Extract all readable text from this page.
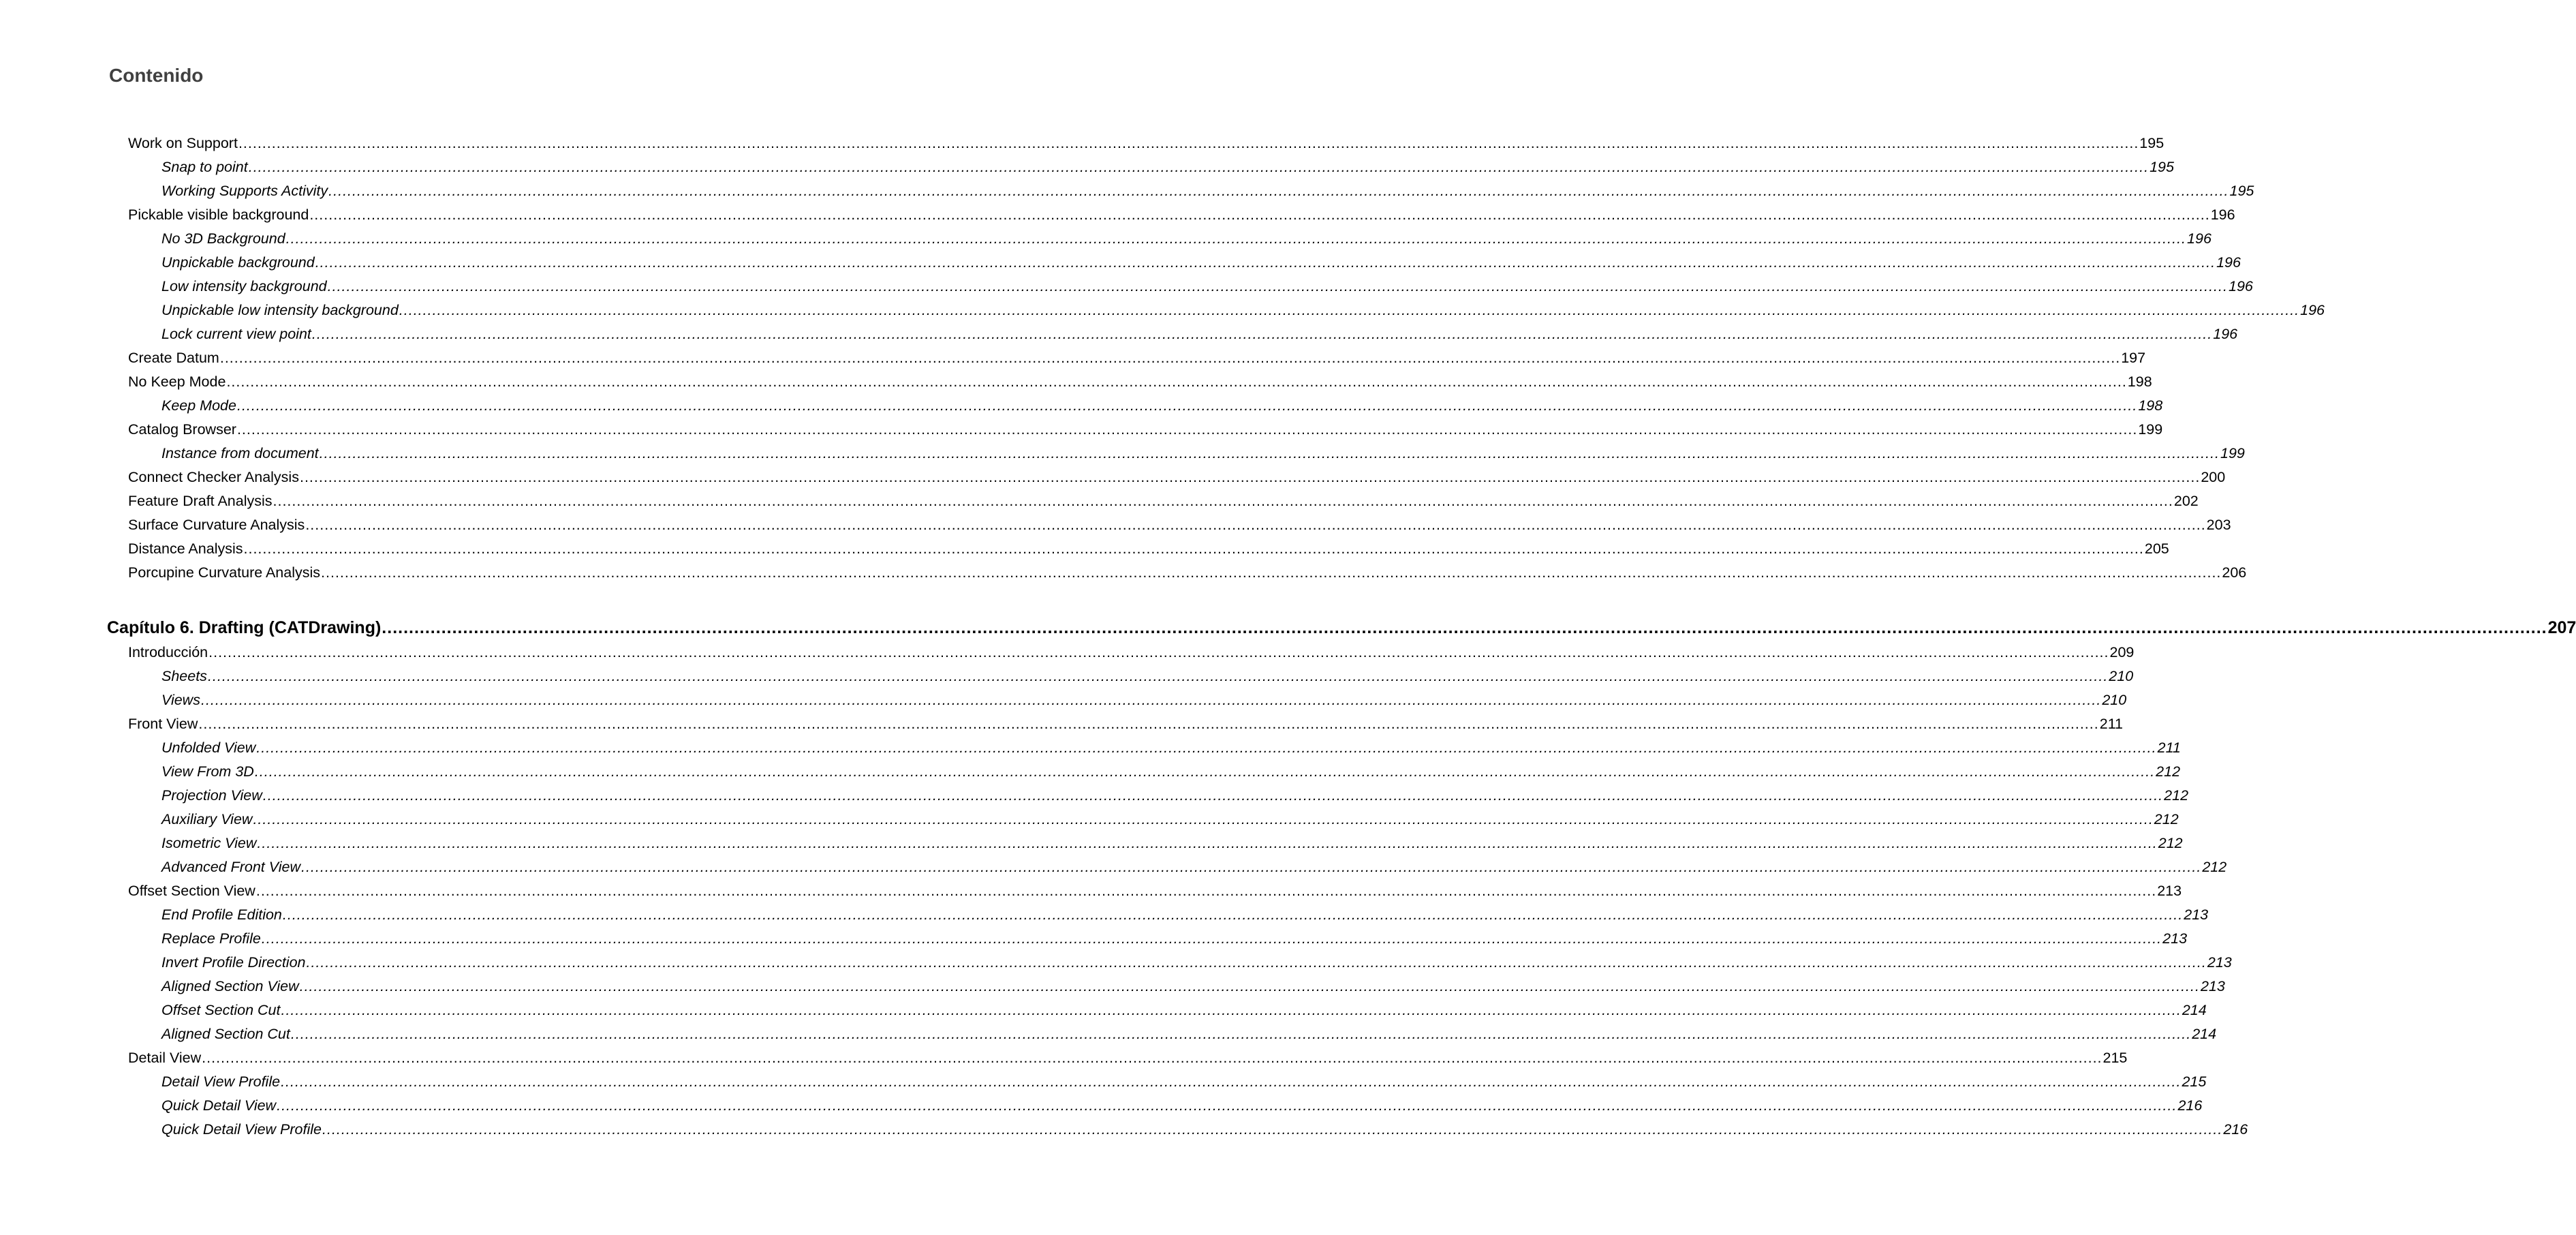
Contenido
Work on Support ................................................................................................................................................................................................................................................................................................................................................................................................................ 195
Snap to point ................................................................................................................................................................................................................................................................................................................................................................................................................ 195
Working Supports Activity ................................................................................................................................................................................................................................................................................................................................................................................................................ 195
Pickable visible background ................................................................................................................................................................................................................................................................................................................................................................................................................ 196
No 3D Background ................................................................................................................................................................................................................................................................................................................................................................................................................ 196
Unpickable background ................................................................................................................................................................................................................................................................................................................................................................................................................ 196
Low intensity background ................................................................................................................................................................................................................................................................................................................................................................................................................ 196
Unpickable low intensity background ................................................................................................................................................................................................................................................................................................................................................................................................................ 196
Lock current view point ................................................................................................................................................................................................................................................................................................................................................................................................................ 196
Create Datum ................................................................................................................................................................................................................................................................................................................................................................................................................ 197
No Keep Mode ................................................................................................................................................................................................................................................................................................................................................................................................................ 198
Keep Mode ................................................................................................................................................................................................................................................................................................................................................................................................................ 198
Catalog Browser ................................................................................................................................................................................................................................................................................................................................................................................................................ 199
Instance from document ................................................................................................................................................................................................................................................................................................................................................................................................................ 199
Connect Checker Analysis ................................................................................................................................................................................................................................................................................................................................................................................................................ 200
Feature Draft Analysis ................................................................................................................................................................................................................................................................................................................................................................................................................ 202
Surface Curvature Analysis ................................................................................................................................................................................................................................................................................................................................................................................................................ 203
Distance Analysis ................................................................................................................................................................................................................................................................................................................................................................................................................ 205
Porcupine Curvature Analysis ................................................................................................................................................................................................................................................................................................................................................................................................................ 206
Capítulo 6. Drafting (CATDrawing) ................................................................................................................................................................................................................................................................................................................................................................................................................ 207
Introducción ................................................................................................................................................................................................................................................................................................................................................................................................................ 209
Sheets ................................................................................................................................................................................................................................................................................................................................................................................................................ 210
Views ................................................................................................................................................................................................................................................................................................................................................................................................................ 210
Front View ................................................................................................................................................................................................................................................................................................................................................................................................................ 211
Unfolded View ................................................................................................................................................................................................................................................................................................................................................................................................................ 211
View From 3D ................................................................................................................................................................................................................................................................................................................................................................................................................ 212
Projection View ................................................................................................................................................................................................................................................................................................................................................................................................................ 212
Auxiliary View ................................................................................................................................................................................................................................................................................................................................................................................................................ 212
Isometric View ................................................................................................................................................................................................................................................................................................................................................................................................................ 212
Advanced Front View ................................................................................................................................................................................................................................................................................................................................................................................................................ 212
Offset Section View ................................................................................................................................................................................................................................................................................................................................................................................................................ 213
End Profile Edition ................................................................................................................................................................................................................................................................................................................................................................................................................ 213
Replace Profile ................................................................................................................................................................................................................................................................................................................................................................................................................ 213
Invert Profile Direction ................................................................................................................................................................................................................................................................................................................................................................................................................ 213
Aligned Section View ................................................................................................................................................................................................................................................................................................................................................................................................................ 213
Offset Section Cut ................................................................................................................................................................................................................................................................................................................................................................................................................ 214
Aligned Section Cut ................................................................................................................................................................................................................................................................................................................................................................................................................ 214
Detail View ................................................................................................................................................................................................................................................................................................................................................................................................................ 215
Detail View Profile ................................................................................................................................................................................................................................................................................................................................................................................................................ 215
Quick Detail View ................................................................................................................................................................................................................................................................................................................................................................................................................ 216
Quick Detail View Profile ................................................................................................................................................................................................................................................................................................................................................................................................................ 216
